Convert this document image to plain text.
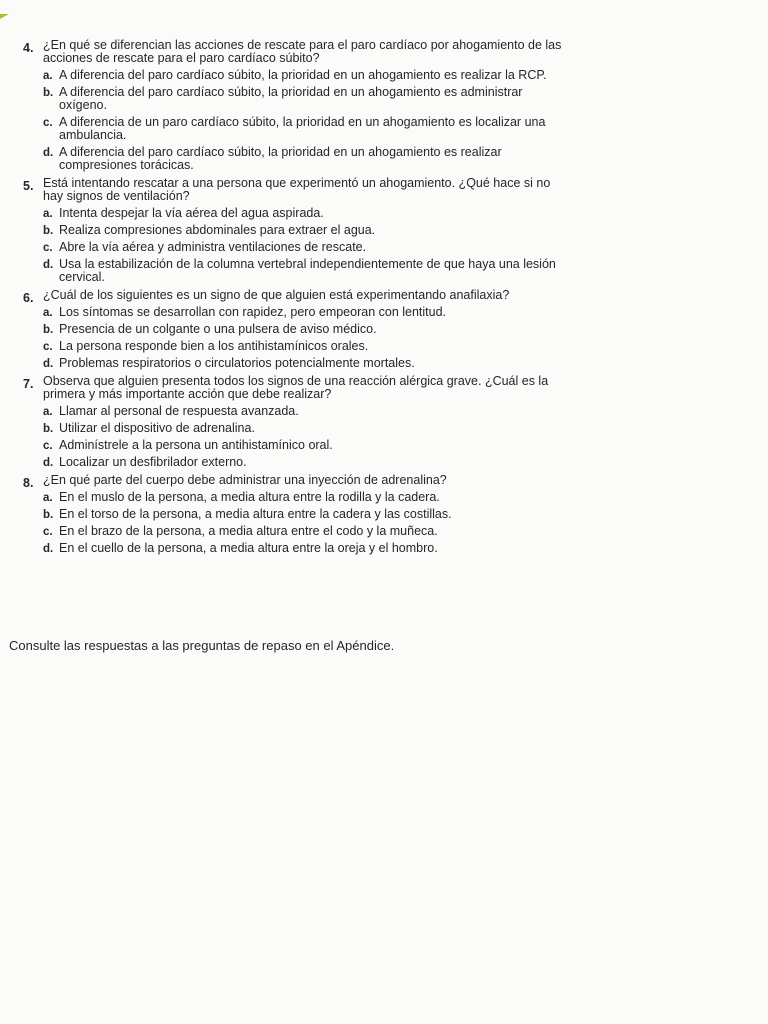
4. ¿En qué se diferencian las acciones de rescate para el paro cardíaco por ahogamiento de las acciones de rescate para el paro cardíaco súbito?
a. A diferencia del paro cardíaco súbito, la prioridad en un ahogamiento es realizar la RCP.
b. A diferencia del paro cardíaco súbito, la prioridad en un ahogamiento es administrar oxígeno.
c. A diferencia de un paro cardíaco súbito, la prioridad en un ahogamiento es localizar una ambulancia.
d. A diferencia del paro cardíaco súbito, la prioridad en un ahogamiento es realizar compresiones torácicas.
5. Está intentando rescatar a una persona que experimentó un ahogamiento. ¿Qué hace si no hay signos de ventilación?
a. Intenta despejar la vía aérea del agua aspirada.
b. Realiza compresiones abdominales para extraer el agua.
c. Abre la vía aérea y administra ventilaciones de rescate.
d. Usa la estabilización de la columna vertebral independientemente de que haya una lesión cervical.
6. ¿Cuál de los siguientes es un signo de que alguien está experimentando anafilaxia?
a. Los síntomas se desarrollan con rapidez, pero empeoran con lentitud.
b. Presencia de un colgante o una pulsera de aviso médico.
c. La persona responde bien a los antihistamínicos orales.
d. Problemas respiratorios o circulatorios potencialmente mortales.
7. Observa que alguien presenta todos los signos de una reacción alérgica grave. ¿Cuál es la primera y más importante acción que debe realizar?
a. Llamar al personal de respuesta avanzada.
b. Utilizar el dispositivo de adrenalina.
c. Adminístrele a la persona un antihistamínico oral.
d. Localizar un desfibrilador externo.
8. ¿En qué parte del cuerpo debe administrar una inyección de adrenalina?
a. En el muslo de la persona, a media altura entre la rodilla y la cadera.
b. En el torso de la persona, a media altura entre la cadera y las costillas.
c. En el brazo de la persona, a media altura entre el codo y la muñeca.
d. En el cuello de la persona, a media altura entre la oreja y el hombro.
Consulte las respuestas a las preguntas de repaso en el Apéndice.
